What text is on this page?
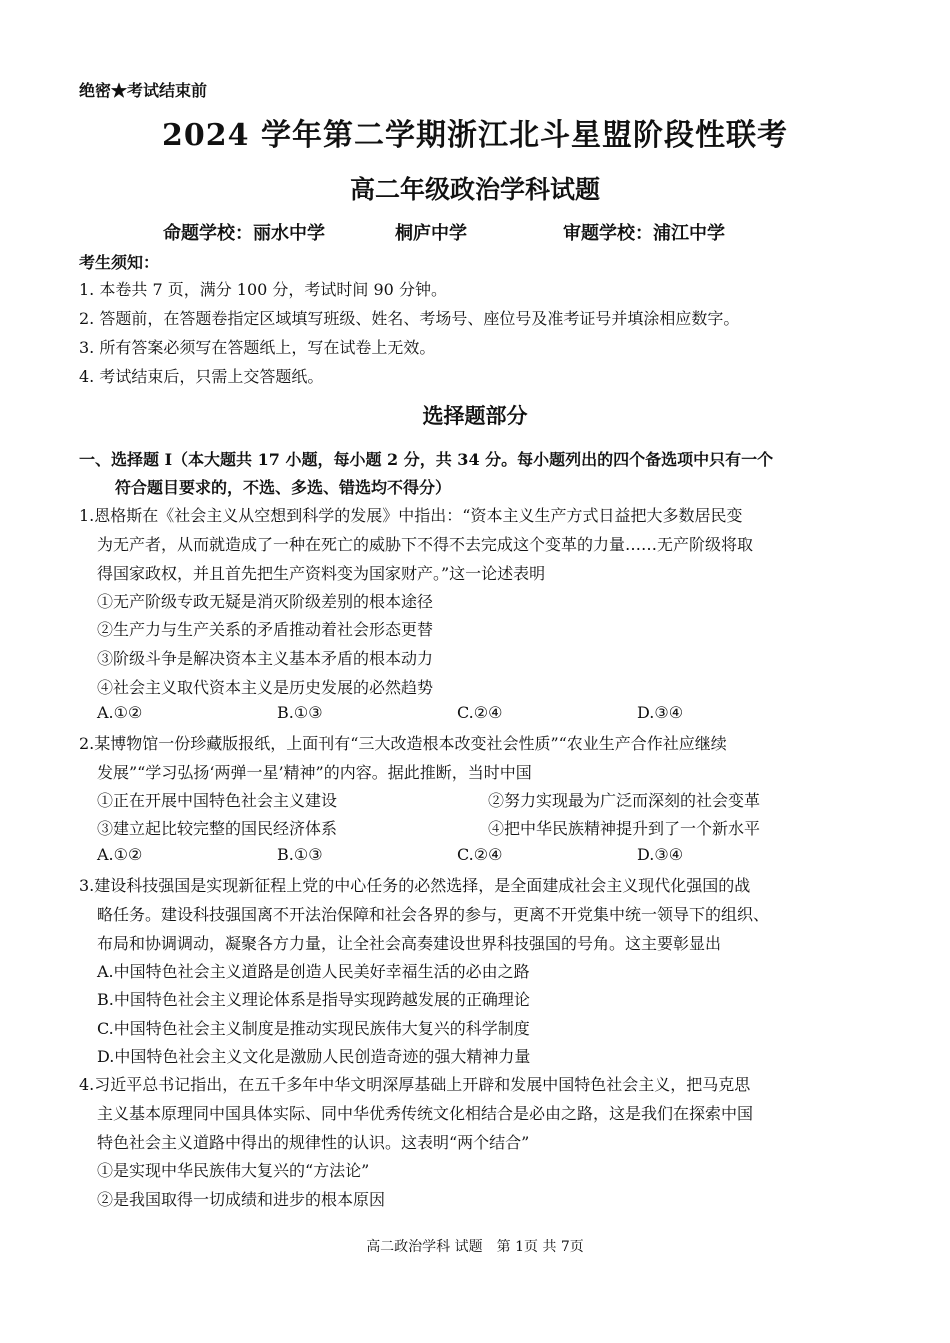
绝密★考试结束前
2024 学年第二学期浙江北斗星盟阶段性联考
高二年级政治学科试题
命题学校：丽水中学	桐庐中学	审题学校：浦江中学
考生须知：
1. 本卷共 7 页，满分 100 分，考试时间 90 分钟。
2. 答题前，在答题卷指定区域填写班级、姓名、考场号、座位号及准考证号并填涂相应数字。
3. 所有答案必须写在答题纸上，写在试卷上无效。
4. 考试结束后，只需上交答题纸。
选择题部分
一、选择题 I（本大题共 17 小题，每小题 2 分，共 34 分。每小题列出的四个备选项中只有一个
符合题目要求的，不选、多选、错选均不得分）
1.恩格斯在《社会主义从空想到科学的发展》中指出：“资本主义生产方式日益把大多数居民变
为无产者，从而就造成了一种在死亡的威胁下不得不去完成这个变革的力量……无产阶级将取
得国家政权，并且首先把生产资料变为国家财产。”这一论述表明
①无产阶级专政无疑是消灭阶级差别的根本途径
②生产力与生产关系的矛盾推动着社会形态更替
③阶级斗争是解决资本主义基本矛盾的根本动力
④社会主义取代资本主义是历史发展的必然趋势
A.①②	B.①③	C.②④	D.③④
2.某博物馆一份珍藏版报纸，上面刊有“三大改造根本改变社会性质”“农业生产合作社应继续
发展”“学习弘扬‘两弹一星’精神”的内容。据此推断，当时中国
①正在开展中国特色社会主义建设	②努力实现最为广泛而深刻的社会变革
③建立起比较完整的国民经济体系	④把中华民族精神提升到了一个新水平
A.①②	B.①③	C.②④	D.③④
3.建设科技强国是实现新征程上党的中心任务的必然选择，是全面建成社会主义现代化强国的战
略任务。建设科技强国离不开法治保障和社会各界的参与，更离不开党集中统一领导下的组织、
布局和协调调动，凝聚各方力量，让全社会高奏建设世界科技强国的号角。这主要彰显出
A.中国特色社会主义道路是创造人民美好幸福生活的必由之路
B.中国特色社会主义理论体系是指导实现跨越发展的正确理论
C.中国特色社会主义制度是推动实现民族伟大复兴的科学制度
D.中国特色社会主义文化是激励人民创造奇迹的强大精神力量
4.习近平总书记指出，在五千多年中华文明深厚基础上开辟和发展中国特色社会主义，把马克思
主义基本原理同中国具体实际、同中华优秀传统文化相结合是必由之路，这是我们在探索中国
特色社会主义道路中得出的规律性的认识。这表明“两个结合”
①是实现中华民族伟大复兴的“方法论”
②是我国取得一切成绩和进步的根本原因
高二政治学科 试题　第 1页 共 7页
